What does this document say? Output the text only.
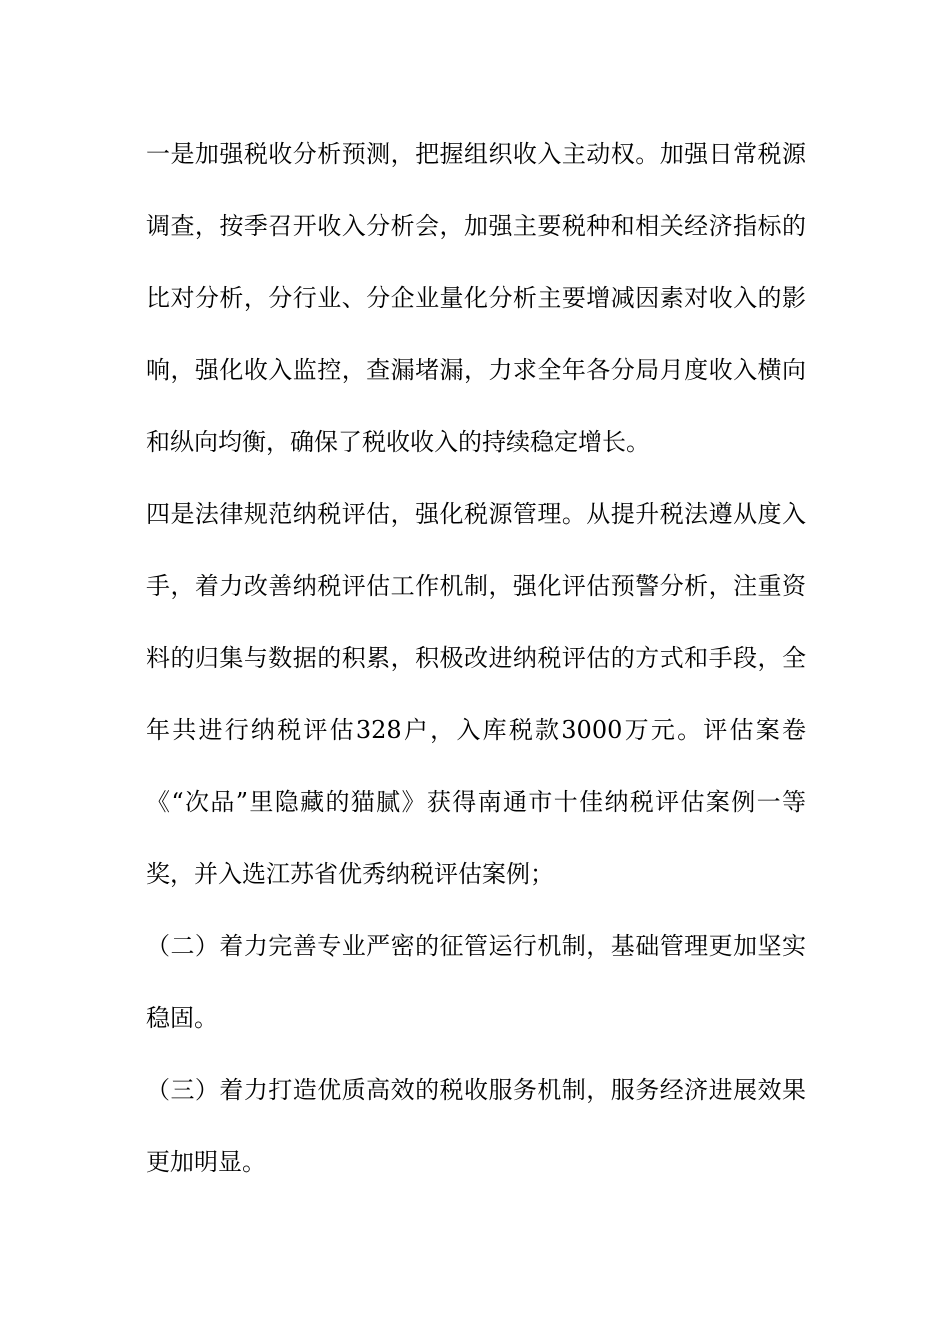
一是加强税收分析预测，把握组织收入主动权。加强日常税源
调查，按季召开收入分析会，加强主要税种和相关经济指标的
比对分析，分行业、分企业量化分析主要增减因素对收入的影
响，强化收入监控，查漏堵漏，力求全年各分局月度收入横向
和纵向均衡，确保了税收收入的持续稳定增长。
四是法律规范纳税评估，强化税源管理。从提升税法遵从度入
手，着力改善纳税评估工作机制，强化评估预警分析，注重资
料的归集与数据的积累，积极改进纳税评估的方式和手段，全
年共进行纳税评估328户，入库税款3000万元。评估案卷
《“次品”里隐藏的猫腻》获得南通市十佳纳税评估案例一等
奖，并入选江苏省优秀纳税评估案例；
（二）着力完善专业严密的征管运行机制，基础管理更加坚实
稳固。
（三）着力打造优质高效的税收服务机制，服务经济进展效果
更加明显。
